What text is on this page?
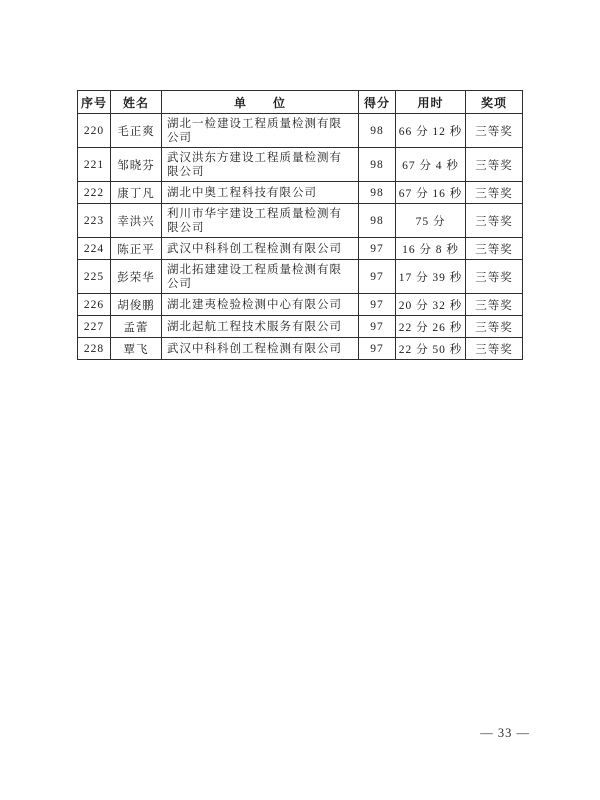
序号	姓名	单　　位	得分	用时	奖项
220	毛正爽	湖北一检建设工程质量检测有限公司	98	66 分 12 秒	三等奖
221	邹晓芬	武汉洪东方建设工程质量检测有限公司	98	67 分 4 秒	三等奖
222	康丁凡	湖北中奥工程科技有限公司	98	67 分 16 秒	三等奖
223	幸洪兴	利川市华宇建设工程质量检测有限公司	98	75 分	三等奖
224	陈正平	武汉中科科创工程检测有限公司	97	16 分 8 秒	三等奖
225	彭荣华	湖北拓建建设工程质量检测有限公司	97	17 分 39 秒	三等奖
226	胡俊鹏	湖北建夷检验检测中心有限公司	97	20 分 32 秒	三等奖
227	孟蕾	湖北起航工程技术服务有限公司	97	22 分 26 秒	三等奖
228	覃飞	武汉中科科创工程检测有限公司	97	22 分 50 秒	三等奖
— 33 —
